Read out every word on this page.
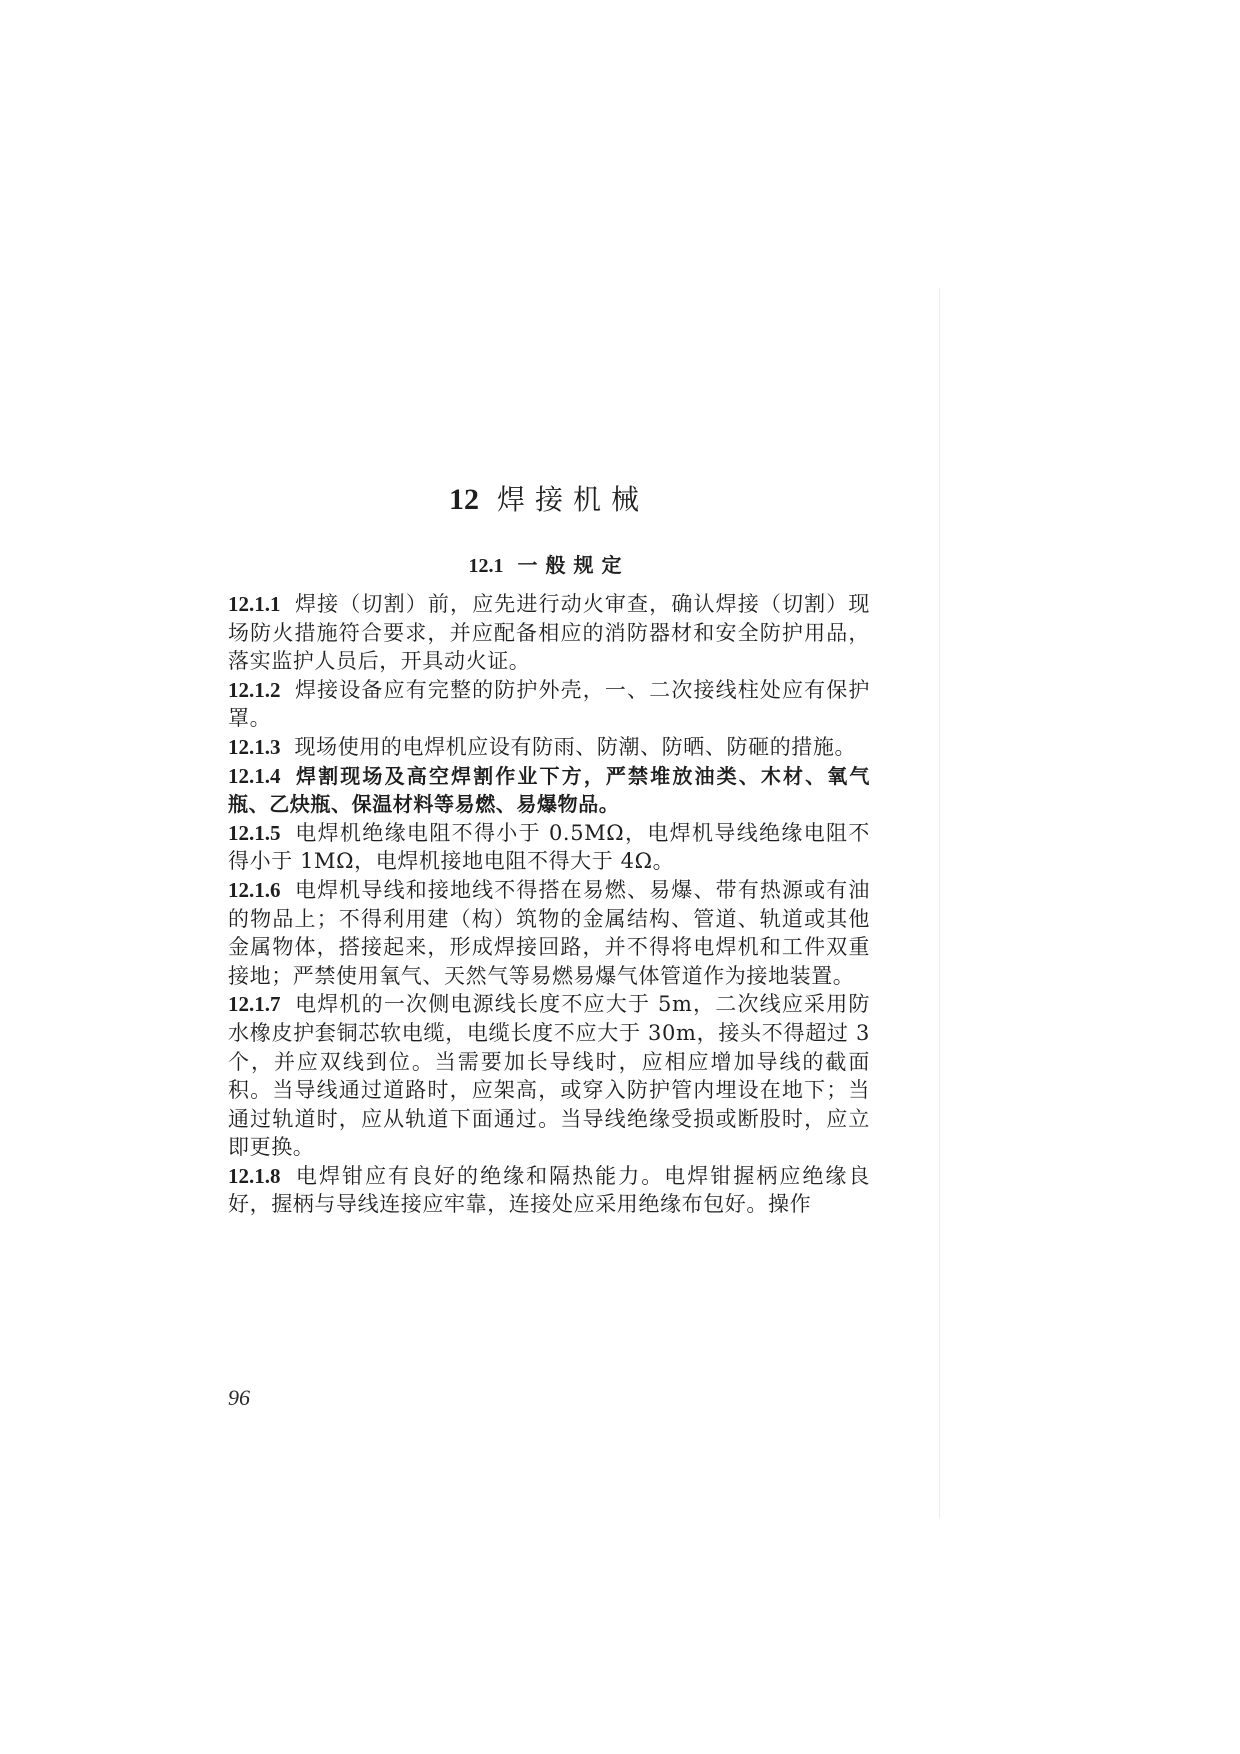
12 焊接机械
12.1 一般规定

12.1.1 焊接（切割）前，应先进行动火审查，确认焊接（切割）现场防火措施符合要求，并应配备相应的消防器材和安全防护用品，落实监护人员后，开具动火证。

12.1.2 焊接设备应有完整的防护外壳，一、二次接线柱处应有保护罩。

12.1.3 现场使用的电焊机应设有防雨、防潮、防晒、防砸的措施。

12.1.4 焊割现场及高空焊割作业下方，严禁堆放油类、木材、氧气瓶、乙炔瓶、保温材料等易燃、易爆物品。

12.1.5 电焊机绝缘电阻不得小于 0.5MΩ，电焊机导线绝缘电阻不得小于 1MΩ，电焊机接地电阻不得大于 4Ω。

12.1.6 电焊机导线和接地线不得搭在易燃、易爆、带有热源或有油的物品上；不得利用建（构）筑物的金属结构、管道、轨道或其他金属物体，搭接起来，形成焊接回路，并不得将电焊机和工件双重接地；严禁使用氧气、天然气等易燃易爆气体管道作为接地装置。

12.1.7 电焊机的一次侧电源线长度不应大于 5m，二次线应采用防水橡皮护套铜芯软电缆，电缆长度不应大于 30m，接头不得超过 3 个，并应双线到位。当需要加长导线时，应相应增加导线的截面积。当导线通过道路时，应架高，或穿入防护管内埋设在地下；当通过轨道时，应从轨道下面通过。当导线绝缘受损或断股时，应立即更换。

12.1.8 电焊钳应有良好的绝缘和隔热能力。电焊钳握柄应绝缘良好，握柄与导线连接应牢靠，连接处应采用绝缘布包好。操作

96
